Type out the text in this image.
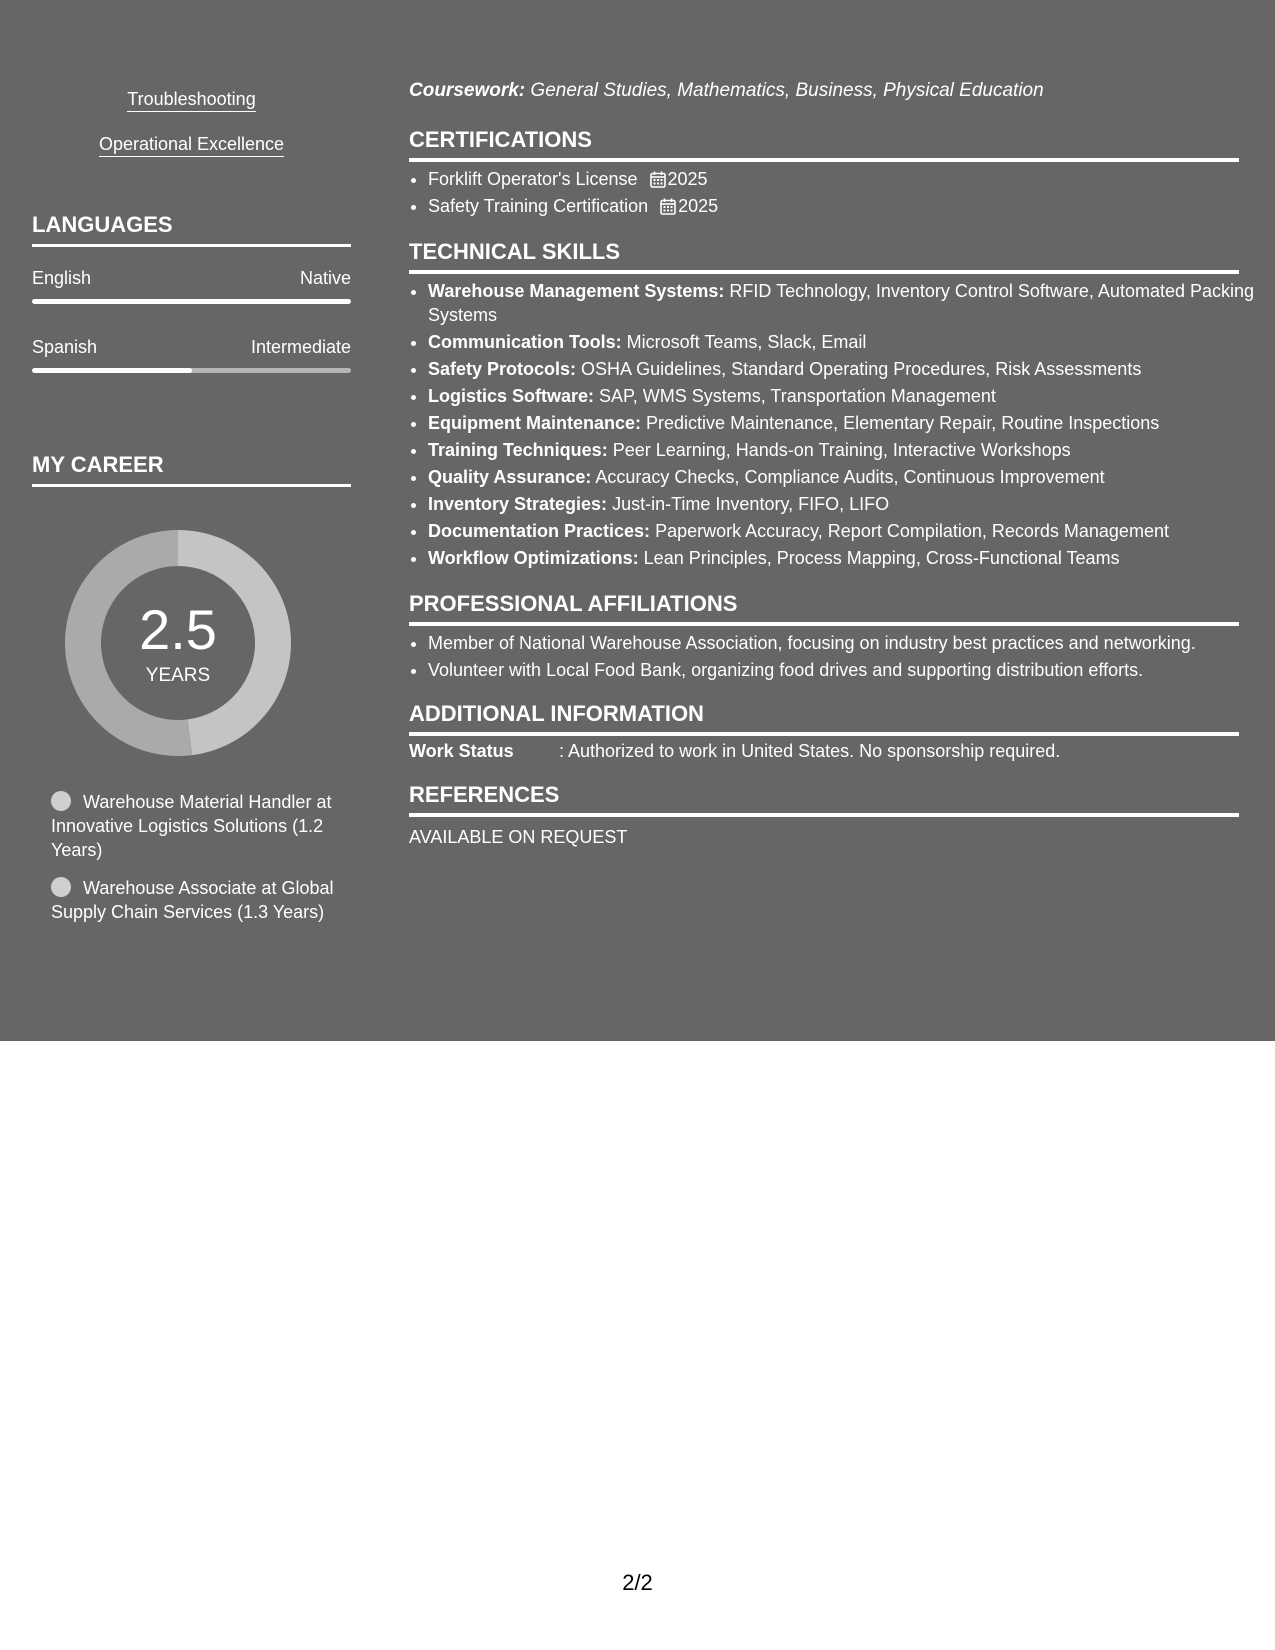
Troubleshooting
Operational Excellence
LANGUAGES
English	Native
Spanish	Intermediate
MY CAREER
2.5
YEARS
Warehouse Material Handler at Innovative Logistics Solutions (1.2 Years)
Warehouse Associate at Global Supply Chain Services (1.3 Years)
Coursework: General Studies, Mathematics, Business, Physical Education
CERTIFICATIONS
• Forklift Operator's License 2025
• Safety Training Certification 2025
TECHNICAL SKILLS
• Warehouse Management Systems: RFID Technology, Inventory Control Software, Automated Packing Systems
• Communication Tools: Microsoft Teams, Slack, Email
• Safety Protocols: OSHA Guidelines, Standard Operating Procedures, Risk Assessments
• Logistics Software: SAP, WMS Systems, Transportation Management
• Equipment Maintenance: Predictive Maintenance, Elementary Repair, Routine Inspections
• Training Techniques: Peer Learning, Hands-on Training, Interactive Workshops
• Quality Assurance: Accuracy Checks, Compliance Audits, Continuous Improvement
• Inventory Strategies: Just-in-Time Inventory, FIFO, LIFO
• Documentation Practices: Paperwork Accuracy, Report Compilation, Records Management
• Workflow Optimizations: Lean Principles, Process Mapping, Cross-Functional Teams
PROFESSIONAL AFFILIATIONS
• Member of National Warehouse Association, focusing on industry best practices and networking.
• Volunteer with Local Food Bank, organizing food drives and supporting distribution efforts.
ADDITIONAL INFORMATION
Work Status	: Authorized to work in United States. No sponsorship required.
REFERENCES
AVAILABLE ON REQUEST
2/2
